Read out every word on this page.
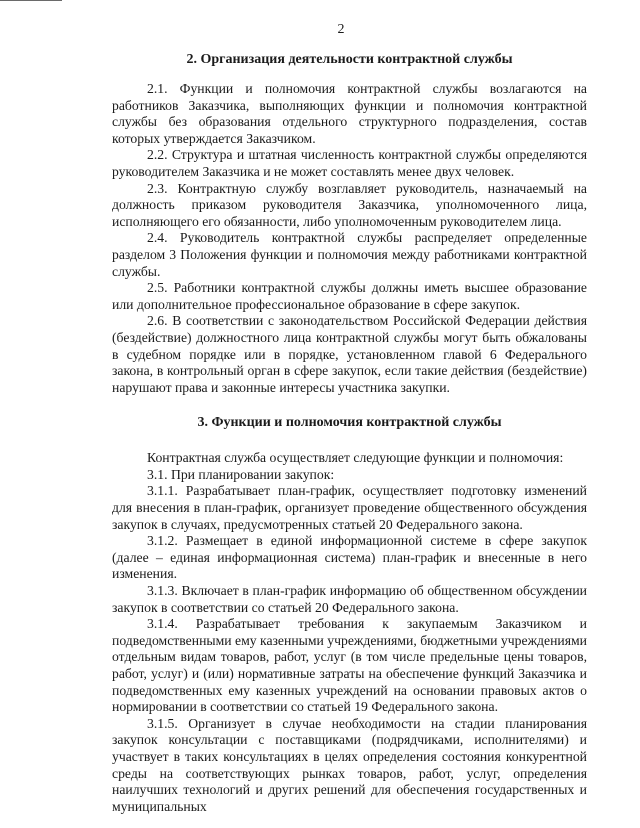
2
2. Организация деятельности контрактной службы

2.1. Функции и полномочия контрактной службы возлагаются на работников Заказчика, выполняющих функции и полномочия контрактной службы без образования отдельного структурного подразделения, состав которых утверждается Заказчиком.

2.2. Структура и штатная численность контрактной службы определяются руководителем Заказчика и не может составлять менее двух человек.

2.3. Контрактную службу возглавляет руководитель, назначаемый на должность приказом руководителя Заказчика, уполномоченного лица, исполняющего его обязанности, либо уполномоченным руководителем лица.

2.4. Руководитель контрактной службы распределяет определенные разделом 3 Положения функции и полномочия между работниками контрактной службы.

2.5. Работники контрактной службы должны иметь высшее образование или дополнительное профессиональное образование в сфере закупок.

2.6. В соответствии с законодательством Российской Федерации действия (бездействие) должностного лица контрактной службы могут быть обжалованы в судебном порядке или в порядке, установленном главой 6 Федерального закона, в контрольный орган в сфере закупок, если такие действия (бездействие) нарушают права и законные интересы участника закупки.

3. Функции и полномочия контрактной службы

Контрактная служба осуществляет следующие функции и полномочия:

3.1. При планировании закупок:

3.1.1. Разрабатывает план-график, осуществляет подготовку изменений для внесения в план-график, организует проведение общественного обсуждения закупок в случаях, предусмотренных статьей 20 Федерального закона.

3.1.2. Размещает в единой информационной системе в сфере закупок (далее – единая информационная система) план-график и внесенные в него изменения.

3.1.3. Включает в план-график информацию об общественном обсуждении закупок в соответствии со статьей 20 Федерального закона.

3.1.4. Разрабатывает требования к закупаемым Заказчиком и подведомственными ему казенными учреждениями, бюджетными учреждениями отдельным видам товаров, работ, услуг (в том числе предельные цены товаров, работ, услуг) и (или) нормативные затраты на обеспечение функций Заказчика и подведомственных ему казенных учреждений на основании правовых актов о нормировании в соответствии со статьей 19 Федерального закона.

3.1.5. Организует в случае необходимости на стадии планирования закупок консультации с поставщиками (подрядчиками, исполнителями) и участвует в таких консультациях в целях определения состояния конкурентной среды на соответствующих рынках товаров, работ, услуг, определения наилучших технологий и других решений для обеспечения государственных и муниципальных
